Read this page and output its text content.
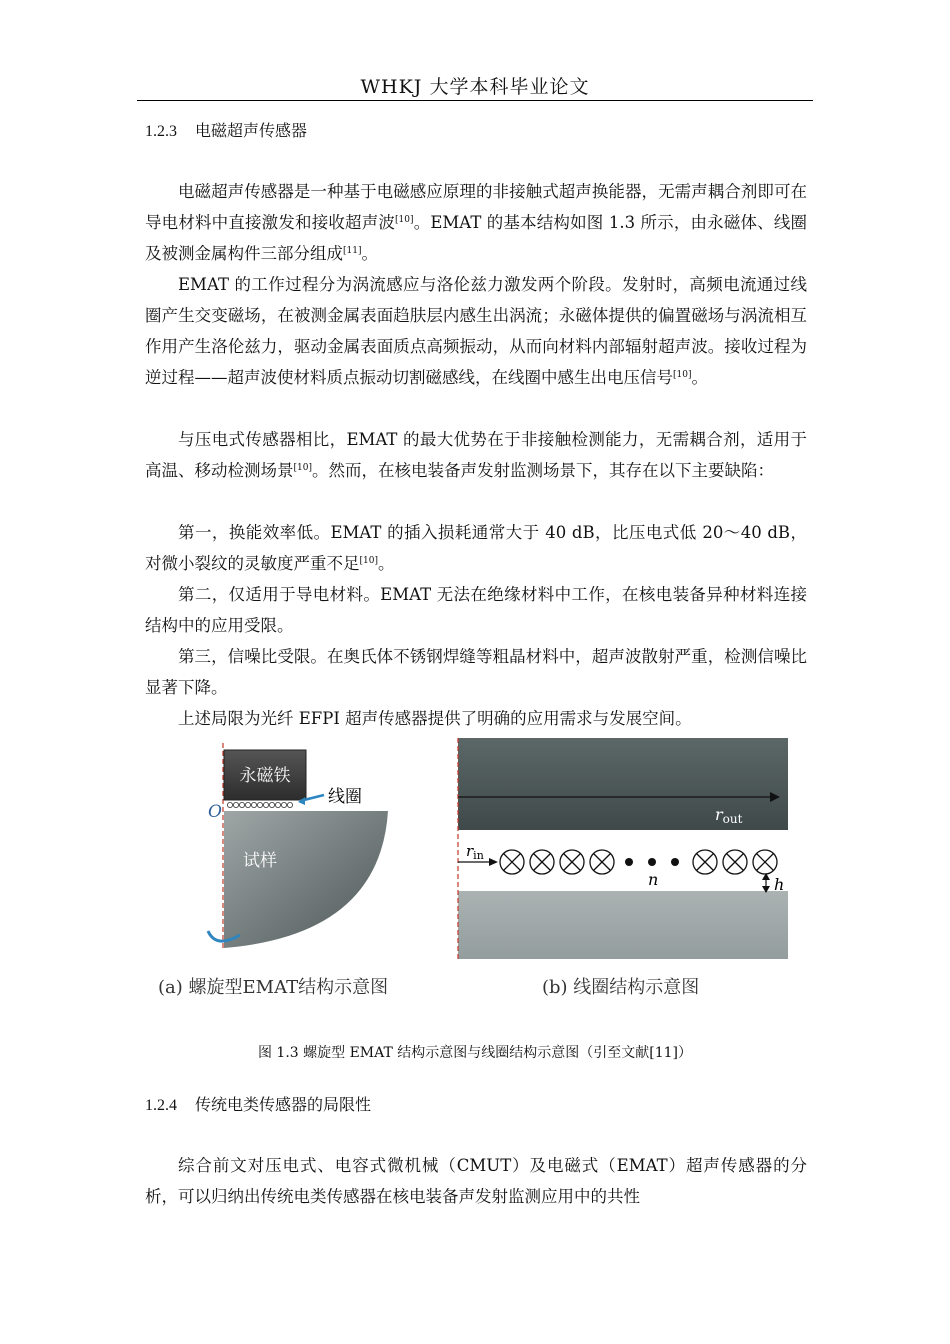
WHKJ 大学本科毕业论文
1.2.3 电磁超声传感器

电磁超声传感器是一种基于电磁感应原理的非接触式超声换能器，无需声耦合剂即可在导电材料中直接激发和接收超声波[10]。EMAT 的基本结构如图 1.3 所示，由永磁体、线圈及被测金属构件三部分组成[11]。

EMAT 的工作过程分为涡流感应与洛伦兹力激发两个阶段。发射时，高频电流通过线圈产生交变磁场，在被测金属表面趋肤层内感生出涡流；永磁体提供的偏置磁场与涡流相互作用产生洛伦兹力，驱动金属表面质点高频振动，从而向材料内部辐射超声波。接收过程为逆过程——超声波使材料质点振动切割磁感线，在线圈中感生出电压信号[10]。

与压电式传感器相比，EMAT 的最大优势在于非接触检测能力，无需耦合剂，适用于高温、移动检测场景[10]。然而，在核电装备声发射监测场景下，其存在以下主要缺陷：

第一，换能效率低。EMAT 的插入损耗通常大于 40 dB，比压电式低 20～40 dB，对微小裂纹的灵敏度严重不足[10]。

第二，仅适用于导电材料。EMAT 无法在绝缘材料中工作，在核电装备异种材料连接结构中的应用受限。

第三，信噪比受限。在奥氏体不锈钢焊缝等粗晶材料中，超声波散射严重，检测信噪比显著下降。

上述局限为光纤 EFPI 超声传感器提供了明确的应用需求与发展空间。

永磁铁
线圈
O
试样
(a) 螺旋型EMAT结构示意图
rout
$r_{in}$
n	h
(b) 线圈结构示意图
图 1.3 螺旋型 EMAT 结构示意图与线圈结构示意图（引至文献[11]）
1.2.4 传统电类传感器的局限性

综合前文对压电式、电容式微机械（CMUT）及电磁式（EMAT）超声传感器的分析，可以归纳出传统电类传感器在核电装备声发射监测应用中的共性
